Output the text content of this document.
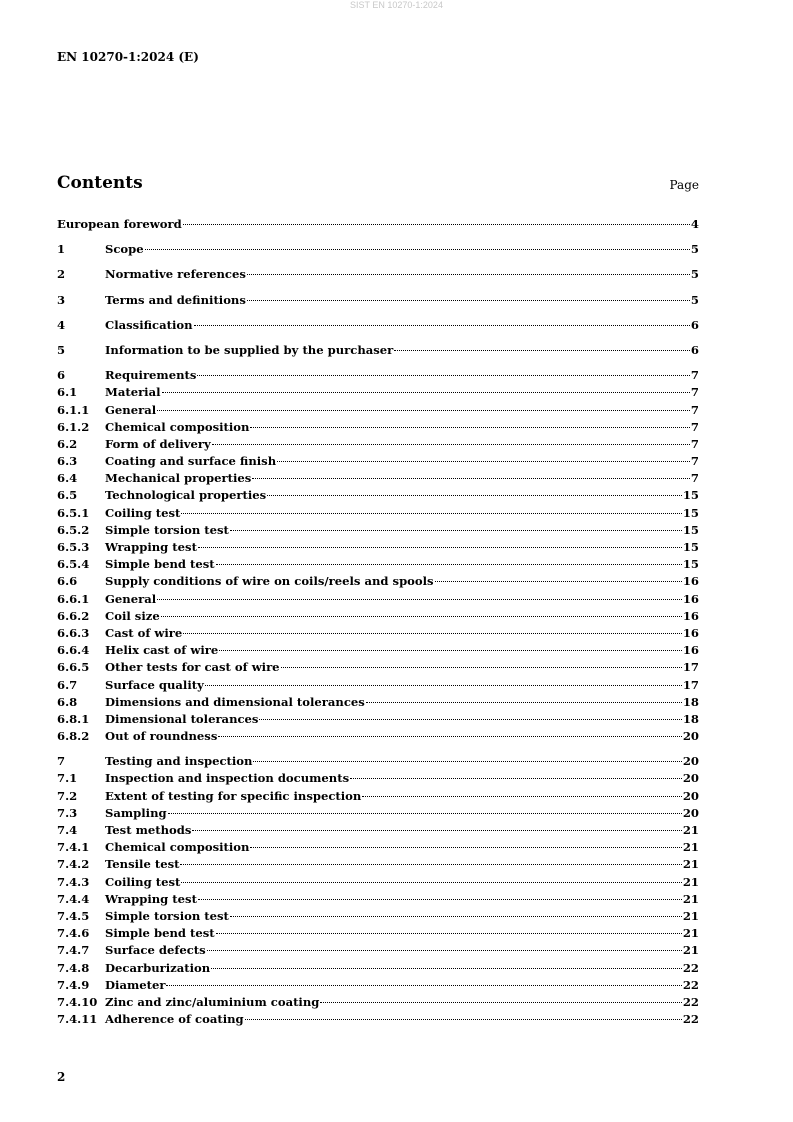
SIST EN 10270-1:2024
EN 10270-1:2024 (E)
Contents	Page
European foreword	4
1	Scope	5
2	Normative references	5
3	Terms and definitions	5
4	Classification	6
5	Information to be supplied by the purchaser	6
6	Requirements	7
6.1	Material	7
6.1.1	General	7
6.1.2	Chemical composition	7
6.2	Form of delivery	7
6.3	Coating and surface finish	7
6.4	Mechanical properties	7
6.5	Technological properties	15
6.5.1	Coiling test	15
6.5.2	Simple torsion test	15
6.5.3	Wrapping test	15
6.5.4	Simple bend test	15
6.6	Supply conditions of wire on coils/reels and spools	16
6.6.1	General	16
6.6.2	Coil size	16
6.6.3	Cast of wire	16
6.6.4	Helix cast of wire	16
6.6.5	Other tests for cast of wire	17
6.7	Surface quality	17
6.8	Dimensions and dimensional tolerances	18
6.8.1	Dimensional tolerances	18
6.8.2	Out of roundness	20
7	Testing and inspection	20
7.1	Inspection and inspection documents	20
7.2	Extent of testing for specific inspection	20
7.3	Sampling	20
7.4	Test methods	21
7.4.1	Chemical composition	21
7.4.2	Tensile test	21
7.4.3	Coiling test	21
7.4.4	Wrapping test	21
7.4.5	Simple torsion test	21
7.4.6	Simple bend test	21
7.4.7	Surface defects	21
7.4.8	Decarburization	22
7.4.9	Diameter	22
7.4.10 Zinc and zinc/aluminium coating	22
7.4.11 Adherence of coating	22
2
